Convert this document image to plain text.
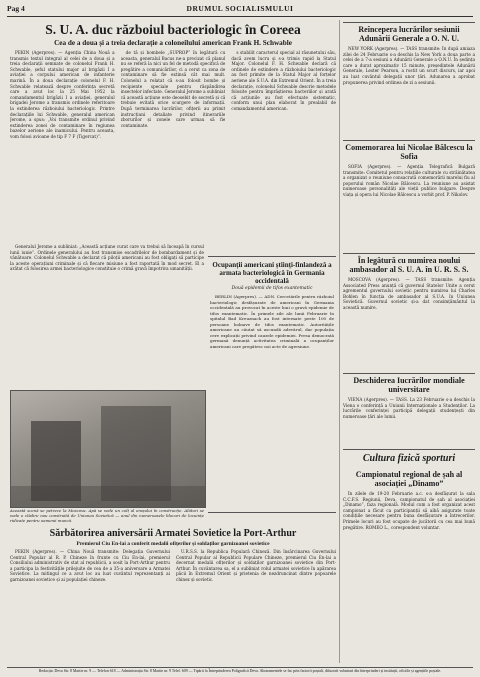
Pag 4	DRUMUL SOCIALISMULUI
S. U. A. duc războiul bacteriologic în Coreea
Cea de a doua și a treia declarație a coloneilului american Frank H. Schwable

PEKIN (Agerpres). — Agenția China Nouă a transmis textul integral al celei de a doua și a treia declarații semnate de colonelul Frank H. Schwable, șeful statului major al brigăzii I a aviației a corpului american de infanterie marină. În a doua declarație colonelul F. H. Schwable relatează despre conferința secretă care a avut loc la 25 Mai 1952 la comandamentul brigăzii I a aviației, generalul brigadei Jerome a transmis ordinele referitoare la extinderea războiului bacteriologic. Printre declarațiile lui Schwable, generalul american Jerome, a spus: „Voi transmite ordinul privind extinderea zonei de contaminare în regiunea bazelor aeriene ale inamicului. Pentru aceasta, vom folosi avioane de tip F 7 F (Tigercat)”.

de tă și bombele „SUPROP” în legătură cu aceasta, generalul Bacus ne-a precizat că planul nu se referă la nici un fel de metodă specifică de pregătire a comunicărilor, ci a cerut ca zona de contaminare să fie extinsă cât mai mult. Colonelul a relatat că s-au folosit bombe și recipiente speciale pentru răspândirea insectelor infectate. Generalul Jerome a subliniat că această acțiune este deosebit de secretă și că trebuie evitată orice scurgere de informații. După terminarea lucrărilor, ofițerii au primit instrucțiuni detaliate privind itinerariile zborurilor și zonele care urmau să fie contaminate.

s stabilit caracterul special al răsunetului său, dacă avem lucru și s-a trimis rapid la Statul Major. Colonelul F. H. Schwable declară că ordinele de extindere a războiului bacteriologic au fost primite de la Statul Major al forțelor aeriene ale S.U.A. din Extremul Orient. În a treia declarație, colonelul Schwable descrie metodele folosite pentru împrăștierea bacteriilor și arată că acțiunile au fost efectuate sistematic, conform unui plan elaborat în prealabil de comandamentul american.

Generalul Jerome a subliniat: „Această acțiune curat care va trebui să înceapă în cursul lunii iunie”. Ordinele generalului au fost transmise escadrilelor de bombardament și de vânătoare. Colonelul Schwable a declarat că piloții americani au fost obligați să participe la aceste operațiuni criminale și că fiecare misiune a fost raportată în mod secret. El a arătat că folosirea armei bacteriologice constituie o crimă gravă împotriva umanității.	Ocupanții americani științi-finlandeză a armata bacteriologică în Germania occidentală
Două epidemii de tifos exantematic

BERLIN (Agerpres). — ADN. Cercetările pentru războiul bacteriologic desfășurate de americani în Germania occidentală au provocat în aceste luni o gravă epidemie de tifos exantematic. În primele zile ale lunii Februarie în spitalul Bad Kreuznach au fost internate peste 100 de persoane bolnave de tifos exantematic. Autoritățile americane au căutat să ascundă adevărul, dar populația cere explicații privind cauzele epidemiei. Presa democrată germană denunță activitatea criminală a ocupanților americani care pregătesc noi acte de agresiune.

Această scenă se petrece la Moscova. Apă se vede un colț al orașului în construcție. Alături se vede o clădire nou construită de Uniunea Sovietică — unul din numeroasele blocuri de locuințe ridicate pentru oamenii muncii.
Sărbătorirea aniversării Armatei Sovietice la Port-Arthur
Premierul Ciu En-lai a conferit medalii ofițerilor și soldaților garnizoanei sovietice

PEKIN (Agerpres). — China Nouă transmite: Delegația Guvernului Central Popular al R. P. Chineze în frunte cu Ciu En-lai, premierul Consiliului administrativ de stat al republicii, a sosit la Port-Arthur pentru a participa la festivitățile prilejuite de cea de a 35-a aniversare a Armatei Sovietice. La mitingul ce a avut loc au luat cuvântul reprezentanți ai garnizoanei sovietice și ai populației chineze.

U.R.S.S. la Republica Populară Chineză. Din însărcinarea Guvernului Central Popular al Republicii Populare Chineze, premierul Ciu En-lai a decernat medalii ofițerilor și soldaților garnizoanei sovietice din Port-Arthur. În cuvântarea sa, el a subliniat rolul armatei sovietice în apărarea păcii în Extremul Orient și prietenia de nezdruncinat dintre popoarele chinez și sovietic.

Reîncepera lucrărilor sesiunii Adunării Generale a O. N. U.

NEW YORK (Agerpres). — TASS transmite: În după amiaza zilei de 24 Februarie s-a deschis la New York a doua parte a celei de a 7-a sesiuni a Adunării Generale a O.N.U. În ședința care a durat aproximativ 15 minute, președintele Adunării Generale, Lester Pearson, a rostit un scurt discurs, iar apoi au luat cuvântul delegații unor țări. Adunarea a aprobat propunerea privind ordinea de zi a sesiunii.

Comemorarea lui Nicolae Bălcescu la Sofia

SOFIA (Agerpres). — Agenția Telegrafică Bulgară transmite: Comitetul pentru relațiile culturale cu străinătatea a organizat o reuniune consacrată comemorării marelui fiu al poporului român Nicolae Bălcescu. La reuniune au asistat numeroase personalități ale vieții publice bulgare. Despre viața și opera lui Nicolae Bălcescu a vorbit prof. P. Nikolov.

În legătură cu numirea noului ambasador al S. U. A. în U. R. S. S.

MOSCOVA (Agerpres). — TASS transmite: Agenția Associated Press anunță că guvernul Statelor Unite a cerut agrementul guvernului sovietic pentru numirea lui Charles Bohlen în funcția de ambasador al S.U.A. în Uniunea Sovietică. Guvernul sovietic și-a dat consimțământul la această numire.

Deschiderea Iucrărilor mondiale universitare

VIENA (Agerpres). — TASS. La 23 Februarie s-a deschis la Viena o conferință a Uniunii Internaționale a Studenților. La lucrările conferinței participă delegații studențești din numeroase țări ale lumii.

Cultura fizică sporturi
Campionatul regional de șah al asociației „Dinamo”

În zilele de 19-20 Februarie a.c. s-a desfășurat la sala C.C.F.S. Regiunii, Deva, campionatul de șah al asociației „Dinamo”, faza regională. Modul cum a fost organizat acest campionat a făcut ca participanții să aibă asigurate toate condițiile necesare pentru buna desfășurare a întrecerilor. Primele locuri au fost ocupate de jucătorii cu cea mai bună pregătire. ROMEO L., corespondent voluntar.

Redacția: Deva Str. 8 Martie nr. 9 — Telefon 618 — Administrația Str. 8 Martie nr. 9 Telef. 609 — Tipărit la Întreprinderea Poligrafică Deva. Abonamentele se fac prin factorii poștali, difuzorii voluntari din întreprinderi și instituții, oficiile și agențiile poștale.
